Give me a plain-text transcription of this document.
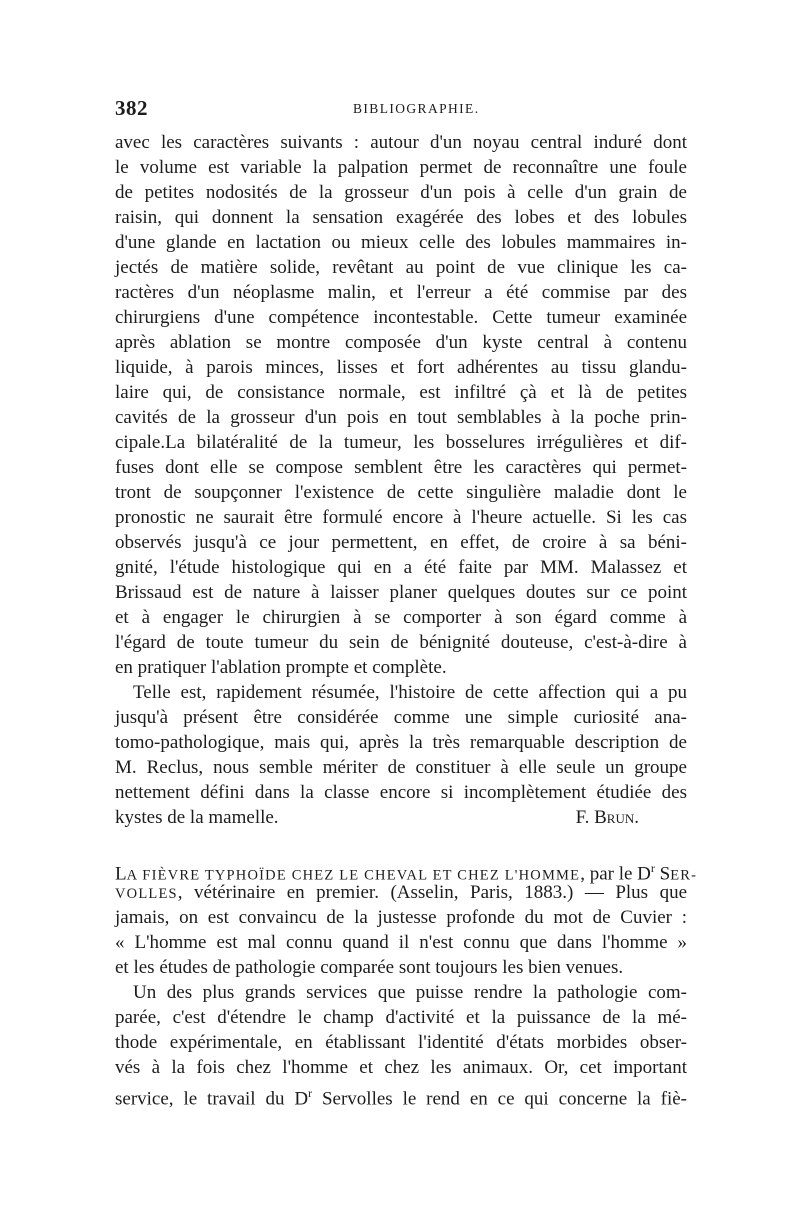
382	BIBLIOGRAPHIE.
avec les caractères suivants : autour d'un noyau central induré dont
le volume est variable la palpation permet de reconnaître une foule
de petites nodosités de la grosseur d'un pois à celle d'un grain de
raisin, qui donnent la sensation exagérée des lobes et des lobules
d'une glande en lactation ou mieux celle des lobules mammaires in-
jectés de matière solide, revêtant au point de vue clinique les ca-
ractères d'un néoplasme malin, et l'erreur a été commise par des
chirurgiens d'une compétence incontestable. Cette tumeur examinée
après ablation se montre composée d'un kyste central à contenu
liquide, à parois minces, lisses et fort adhérentes au tissu glandu-
laire qui, de consistance normale, est infiltré çà et là de petites
cavités de la grosseur d'un pois en tout semblables à la poche prin-
cipale.La bilatéralité de la tumeur, les bosselures irrégulières et dif-
fuses dont elle se compose semblent être les caractères qui permet-
tront de soupçonner l'existence de cette singulière maladie dont le
pronostic ne saurait être formulé encore à l'heure actuelle. Si les cas
observés jusqu'à ce jour permettent, en effet, de croire à sa béni-
gnité, l'étude histologique qui en a été faite par MM. Malassez et
Brissaud est de nature à laisser planer quelques doutes sur ce point
et à engager le chirurgien à se comporter à son égard comme à
l'égard de toute tumeur du sein de bénignité douteuse, c'est-à-dire à
en pratiquer l'ablation prompte et complète.
Telle est, rapidement résumée, l'histoire de cette affection qui a pu
jusqu'à présent être considérée comme une simple curiosité ana-
tomo-pathologique, mais qui, après la très remarquable description de
M. Reclus, nous semble mériter de constituer à elle seule un groupe
nettement défini dans la classe encore si incomplètement étudiée des
kystes de la mamelle.	F. Brun.
LA FIÈVRE TYPHOÏDE CHEZ LE CHEVAL ET CHEZ L'HOMME, par le $D^r$ SER-
VOLLES, vétérinaire en premier. (Asselin, Paris, 1883.) — Plus que
jamais, on est convaincu de la justesse profonde du mot de Cuvier :
« L'homme est mal connu quand il n'est connu que dans l'homme »
et les études de pathologie comparée sont toujours les bien venues.
Un des plus grands services que puisse rendre la pathologie com-
parée, c'est d'étendre le champ d'activité et la puissance de la mé-
thode expérimentale, en établissant l'identité d'états morbides obser-
vés à la fois chez l'homme et chez les animaux. Or, cet important
service, le travail du $D^r$ Servolles le rend en ce qui concerne la fiè-
